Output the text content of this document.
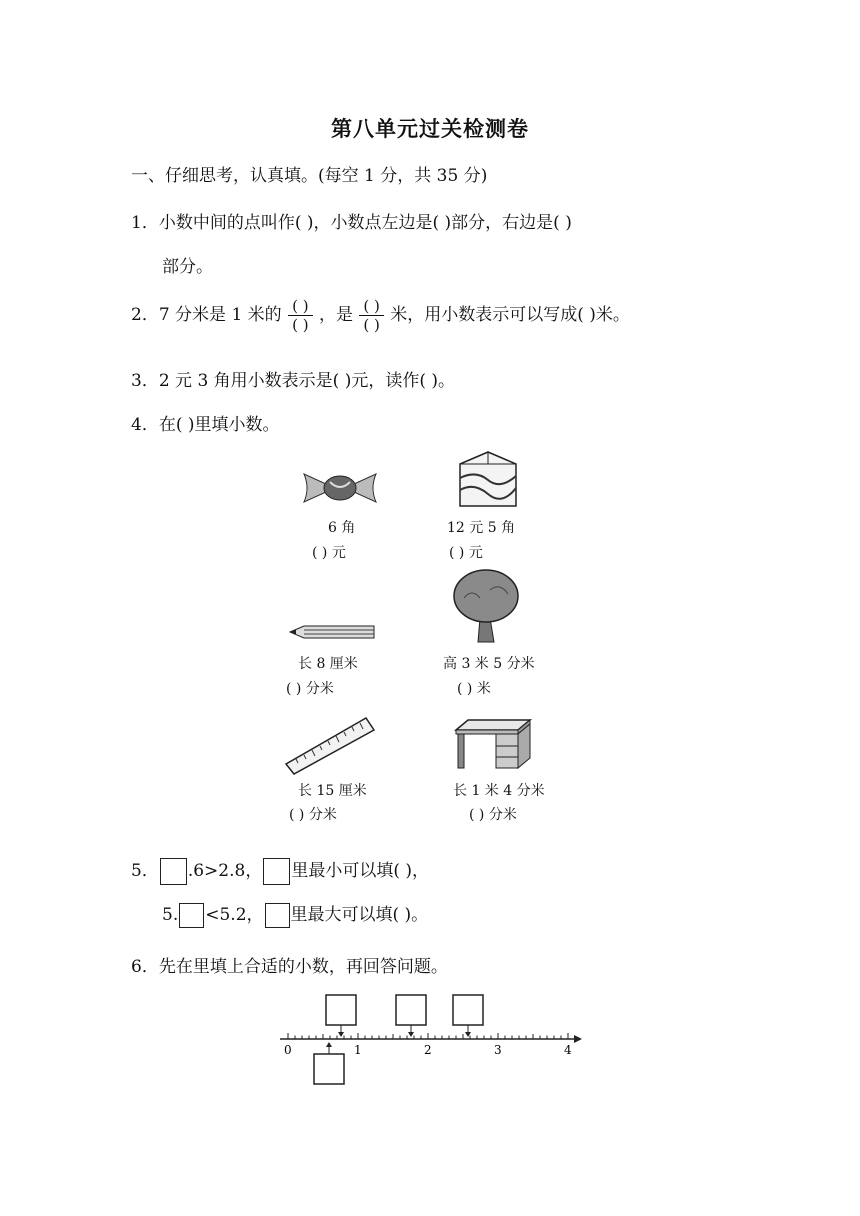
第八单元过关检测卷
一、仔细思考，认真填。(每空 1 分，共 35 分)
1．小数中间的点叫作( )，小数点左边是( )部分，右边是( )
部分。
2．7 分米是 1 米的 $\frac{( )}{( )}$ ，是 $\frac{( )}{( )}$ 米，用小数表示可以写成( )米。
3．2 元 3 角用小数表示是( )元，读作( )。
4．在( )里填小数。
6 角
( ) 元
12 元 5 角
( ) 元
长 8 厘米
( ) 分米
高 3 米 5 分米
( ) 米
长 15 厘米
( ) 分米
长 1 米 4 分米
( ) 分米
5． .6>2.8， 里最小可以填( )，
5. <5.2， 里最大可以填( )。
6．先在里填上合适的小数，再回答问题。
0	1	2	3	4
